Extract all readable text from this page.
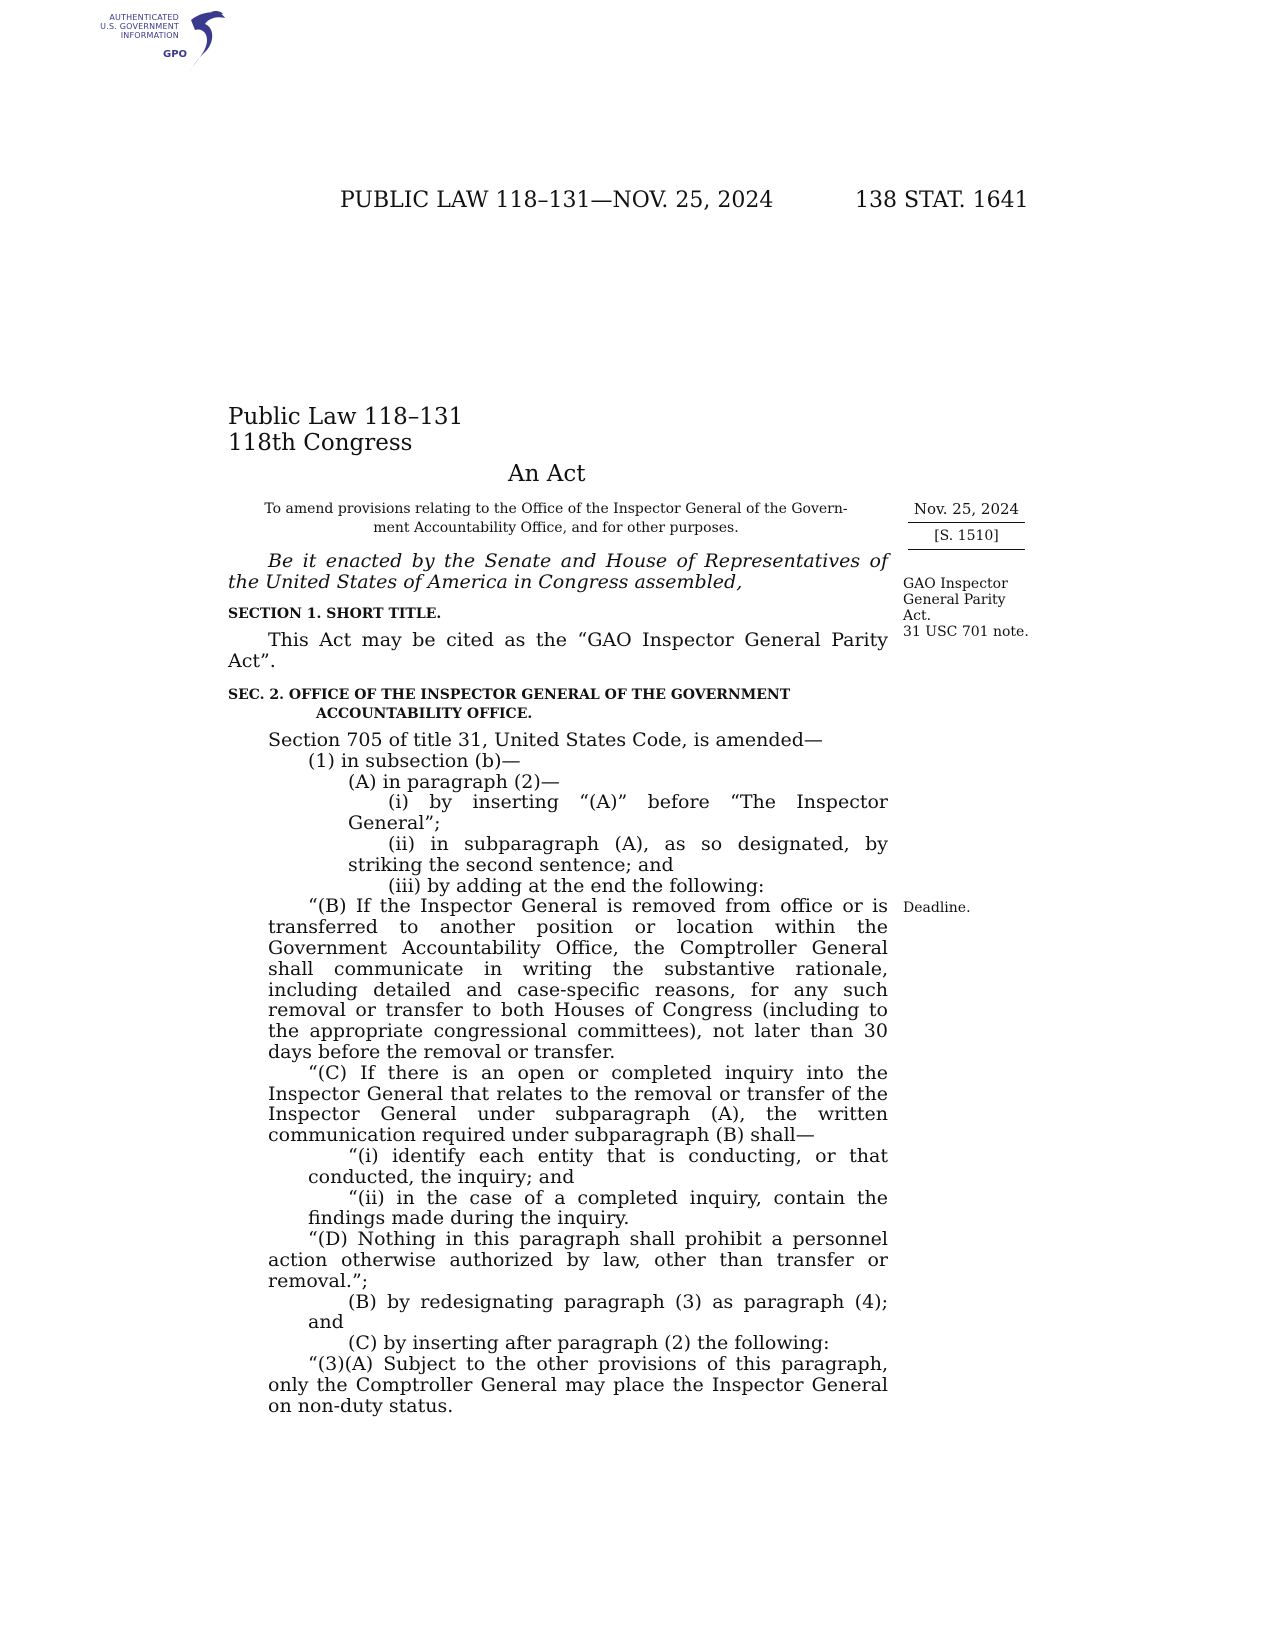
AUTHENTICATED
U.S. GOVERNMENT
INFORMATION
GPO
PUBLIC LAW 118–131—NOV. 25, 2024	138 STAT. 1641
Public Law 118–131
118th Congress
An Act
To amend provisions relating to the Office of the Inspector General of the Govern-
ment Accountability Office, and for other purposes.
Nov. 25, 2024
[S. 1510]
GAO Inspector
General Parity
Act.
31 USC 701 note.
Deadline.

Be it enacted by the Senate and House of Representatives of the United States of America in Congress assembled,

SECTION 1. SHORT TITLE.

This Act may be cited as the “GAO Inspector General Parity Act”.

SEC. 2. OFFICE OF THE INSPECTOR GENERAL OF THE GOVERNMENT

ACCOUNTABILITY OFFICE.

Section 705 of title 31, United States Code, is amended—

(1) in subsection (b)—

(A) in paragraph (2)—

(i) by inserting “(A)” before “The Inspector General”;

(ii) in subparagraph (A), as so designated, by striking the second sentence; and

(iii) by adding at the end the following:

“(B) If the Inspector General is removed from office or is transferred to another position or location within the Government Accountability Office, the Comptroller General shall communicate in writing the substantive rationale, including detailed and case-specific reasons, for any such removal or transfer to both Houses of Congress (including to the appropriate congressional committees), not later than 30 days before the removal or transfer.

“(C) If there is an open or completed inquiry into the Inspector General that relates to the removal or transfer of the Inspector General under subparagraph (A), the written communication required under subparagraph (B) shall—

“(i) identify each entity that is conducting, or that conducted, the inquiry; and

“(ii) in the case of a completed inquiry, contain the findings made during the inquiry.

“(D) Nothing in this paragraph shall prohibit a personnel action otherwise authorized by law, other than transfer or removal.”;

(B) by redesignating paragraph (3) as paragraph (4); and

(C) by inserting after paragraph (2) the following:

“(3)(A) Subject to the other provisions of this paragraph, only the Comptroller General may place the Inspector General on non-duty status.
